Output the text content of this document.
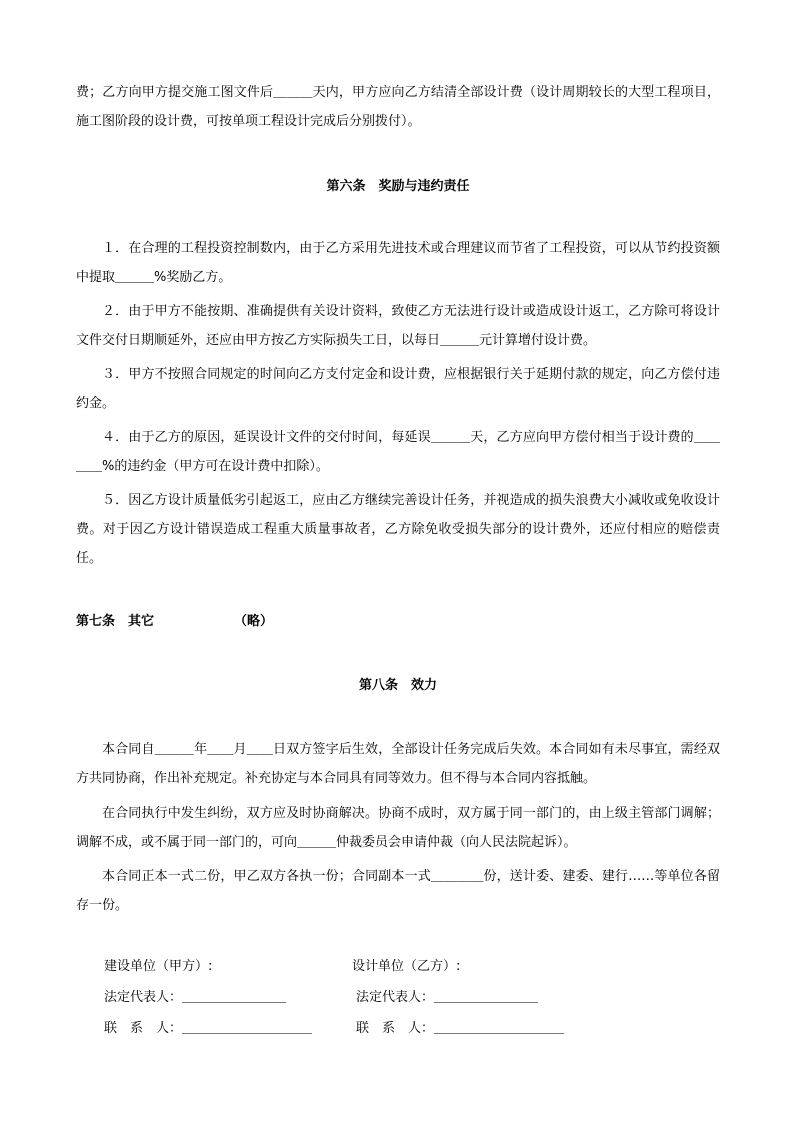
费；乙方向甲方提交施工图文件后＿＿＿天内，甲方应向乙方结清全部设计费（设计周期较长的大型工程项目，施工图阶段的设计费，可按单项工程设计完成后分别拨付）。

第六条　奖励与违约责任

１．在合理的工程投资控制数内，由于乙方采用先进技术或合理建议而节省了工程投资，可以从节约投资额中提取＿＿＿%奖励乙方。

２．由于甲方不能按期、准确提供有关设计资料，致使乙方无法进行设计或造成设计返工，乙方除可将设计文件交付日期顺延外，还应由甲方按乙方实际损失工日，以每日＿＿＿元计算增付设计费。

３．甲方不按照合同规定的时间向乙方支付定金和设计费，应根据银行关于延期付款的规定，向乙方偿付违约金。

４．由于乙方的原因，延误设计文件的交付时间，每延误＿＿＿天，乙方应向甲方偿付相当于设计费的＿＿＿＿%的违约金（甲方可在设计费中扣除）。

５．因乙方设计质量低劣引起返工，应由乙方继续完善设计任务，并视造成的损失浪费大小减收或免收设计费。对于因乙方设计错误造成工程重大质量事故者，乙方除免收受损失部分的设计费外，还应付相应的赔偿责任。

第七条　其它	（略）
第八条　效力

本合同自＿＿＿年＿＿月＿＿日双方签字后生效，全部设计任务完成后失效。本合同如有未尽事宜，需经双方共同协商，作出补充规定。补充协定与本合同具有同等效力。但不得与本合同内容抵触。

在合同执行中发生纠纷，双方应及时协商解决。协商不成时，双方属于同一部门的，由上级主管部门调解；调解不成，或不属于同一部门的，可向＿＿＿仲裁委员会申请仲裁（向人民法院起诉）。

本合同正本一式二份，甲乙双方各执一份；合同副本一式＿＿＿＿份，送计委、建委、建行……等单位各留存一份。

建设单位（甲方）:	设计单位（乙方）:
法定代表人：＿＿＿＿＿＿＿＿	法定代表人：＿＿＿＿＿＿＿＿
联　系　人：＿＿＿＿＿＿＿＿＿＿	联　系　人：＿＿＿＿＿＿＿＿＿＿
